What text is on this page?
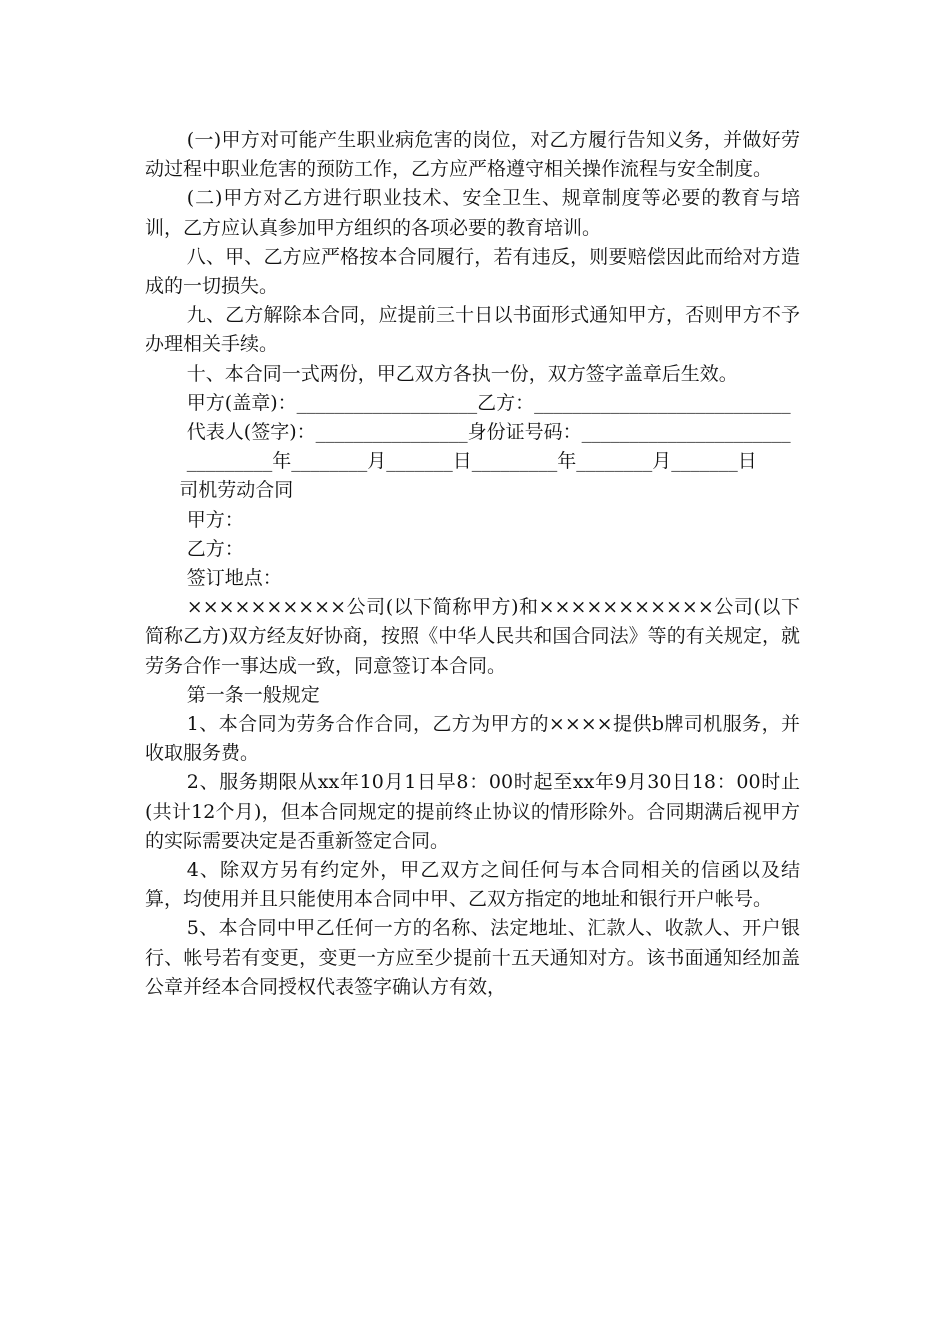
(一)甲方对可能产生职业病危害的岗位，对乙方履行告知义务，并做好劳动过程中职业危害的预防工作，乙方应严格遵守相关操作流程与安全制度。

(二)甲方对乙方进行职业技术、安全卫生、规章制度等必要的教育与培训，乙方应认真参加甲方组织的各项必要的教育培训。

八、甲、乙方应严格按本合同履行，若有违反，则要赔偿因此而给对方造成的一切损失。

九、乙方解除本合同，应提前三十日以书面形式通知甲方，否则甲方不予办理相关手续。

十、本合同一式两份，甲乙双方各执一份，双方签字盖章后生效。

甲方(盖章)：___________________乙方：___________________________

代表人(签字)：________________身份证号码：______________________

_________年________月_______日_________年________月_______日

司机劳动合同

甲方：

乙方：

签订地点：

××××××××××公司(以下简称甲方)和×××××××××××公司(以下简称乙方)双方经友好协商，按照《中华人民共和国合同法》等的有关规定，就劳务合作一事达成一致，同意签订本合同。

第一条一般规定

1、本合同为劳务合作合同，乙方为甲方的××××提供b牌司机服务，并收取服务费。

2、服务期限从xx年10月1日早8：00时起至xx年9月30日18：00时止(共计12个月)，但本合同规定的提前终止协议的情形除外。合同期满后视甲方的实际需要决定是否重新签定合同。

4、除双方另有约定外，甲乙双方之间任何与本合同相关的信函以及结算，均使用并且只能使用本合同中甲、乙双方指定的地址和银行开户帐号。

5、本合同中甲乙任何一方的名称、法定地址、汇款人、收款人、开户银行、帐号若有变更，变更一方应至少提前十五天通知对方。该书面通知经加盖公章并经本合同授权代表签字确认方有效，
